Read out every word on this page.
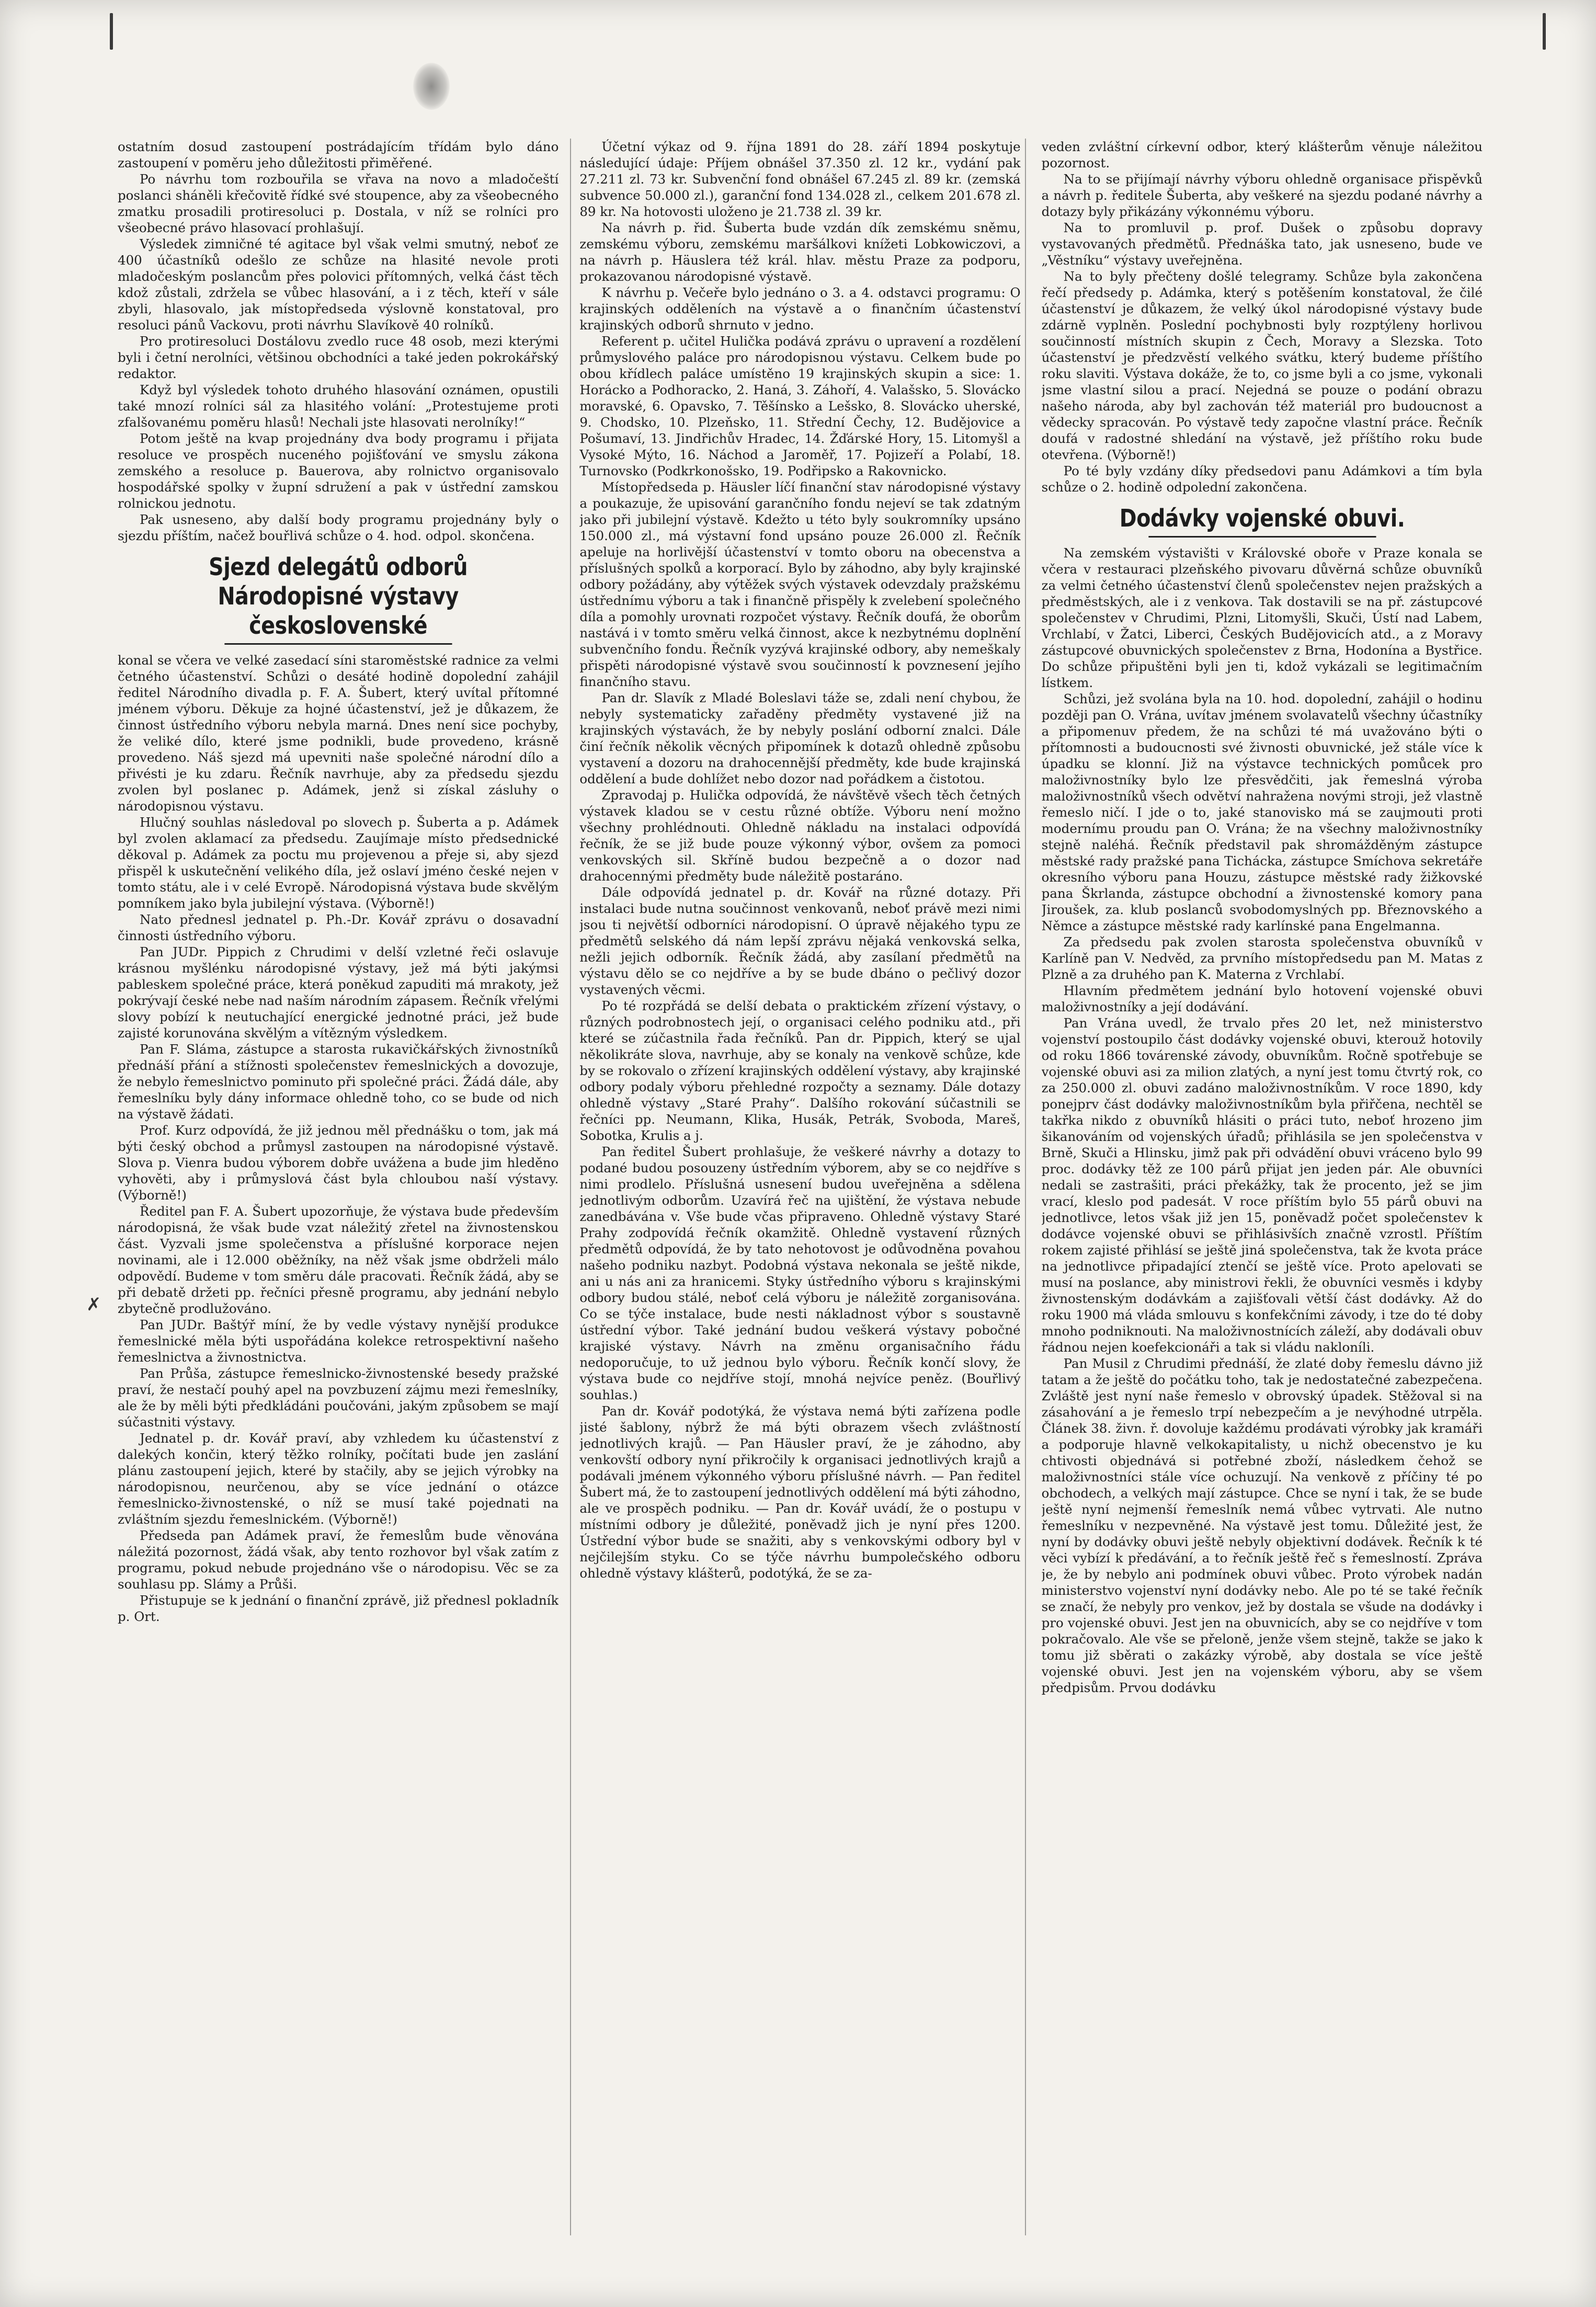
✗

ostatním dosud zastoupení postrádajícím třídám bylo dáno zastoupení v poměru jeho důležitosti přiměřené.

Po návrhu tom rozbouřila se vřava na novo a mladočeští poslanci sháněli křečovitě řídké své stoupence, aby za všeobecného zmatku prosadili protiresoluci p. Dostala, v níž se rolníci pro všeobecné právo hlasovací prohlašují.

Výsledek zimničné té agitace byl však velmi smutný, neboť ze 400 účastníků odešlo ze schůze na hlasité nevole proti mladočeským poslancům přes polovici přítomných, velká část těch kdož zůstali, zdržela se vůbec hlasování, a i z těch, kteří v sále zbyli, hlasovalo, jak místopředseda výslovně konstatoval, pro resoluci pánů Vackovu, proti návrhu Slavíkově 40 rolníků.

Pro protiresoluci Dostálovu zvedlo ruce 48 osob, mezi kterými byli i četní nerolníci, většinou obchodníci a také jeden pokrokářský redaktor.

Když byl výsledek tohoto druhého hlasování oznámen, opustili také mnozí rolníci sál za hlasitého volání: „Protestujeme proti zfalšovanému poměru hlasů! Nechali jste hlasovati nerolníky!“

Potom ještě na kvap projednány dva body programu i přijata resoluce ve prospěch nuceného pojišťování ve smyslu zákona zemského a resoluce p. Bauerova, aby rolnictvo organisovalo hospodářské spolky v župní sdružení a pak v ústřední zamskou rolnickou jednotu.

Pak usneseno, aby další body programu projednány byly o sjezdu příštím, načež bouřlivá schůze o 4. hod. odpol. skončena.

Sjezd delegátů odborů Národopisné výstavy československé

konal se včera ve velké zasedací síni staroměstské radnice za velmi četného účastenství. Schůzi o desáté hodině dopolední zahájil ředitel Národního divadla p. F. A. Šubert, který uvítal přítomné jménem výboru. Děkuje za hojné účastenství, jež je důkazem, že činnost ústředního výboru nebyla marná. Dnes není sice pochyby, že veliké dílo, které jsme podnikli, bude provedeno, krásně provedeno. Náš sjezd má upevniti naše společné národní dílo a přivésti je ku zdaru. Řečník navrhuje, aby za předsedu sjezdu zvolen byl poslanec p. Adámek, jenž si získal zásluhy o národopisnou výstavu.

Hlučný souhlas následoval po slovech p. Šuberta a p. Adámek byl zvolen aklamací za předsedu. Zaujímaje místo předsednické děkoval p. Adámek za poctu mu projevenou a přeje si, aby sjezd přispěl k uskutečnění velikého díla, jež oslaví jméno české nejen v tomto státu, ale i v celé Evropě. Národopisná výstava bude skvělým pomníkem jako byla jubilejní výstava. (Výborně!)

Nato přednesl jednatel p. Ph.-Dr. Kovář zprávu o dosavadní činnosti ústředního výboru.

Pan JUDr. Pippich z Chrudimi v delší vzletné řeči oslavuje krásnou myšlénku národopisné výstavy, jež má býti jakýmsi pableskem společné práce, která poněkud zapuditi má mrakoty, jež pokrývají české nebe nad naším národním zápasem. Řečník vřelými slovy pobízí k neutuchající energické jednotné práci, jež bude zajisté korunována skvělým a vítězným výsledkem.

Pan F. Sláma, zástupce a starosta rukavičkářských živnostníků přednáší přání a stížnosti společenstev řemeslnických a dovozuje, že nebylo řemeslnictvo pominuto při společné práci. Žádá dále, aby řemeslníku byly dány informace ohledně toho, co se bude od nich na výstavě žádati.

Prof. Kurz odpovídá, že již jednou měl přednášku o tom, jak má býti český obchod a průmysl zastoupen na národopisné výstavě. Slova p. Vienra budou výborem dobře uvážena a bude jim hleděno vyhověti, aby i průmyslová část byla chloubou naší výstavy. (Výborně!)

Ředitel pan F. A. Šubert upozorňuje, že výstava bude především národopisná, že však bude vzat náležitý zřetel na živnostenskou část. Vyzvali jsme společenstva a příslušné korporace nejen novinami, ale i 12.000 oběžníky, na něž však jsme obdrželi málo odpovědí. Budeme v tom směru dále pracovati. Řečník žádá, aby se při debatě držeti pp. řečníci přesně programu, aby jednání nebylo zbytečně prodlužováno.

Pan JUDr. Baštýř míní, že by vedle výstavy nynější produkce řemeslnické měla býti uspořádána kolekce retrospektivní našeho řemeslnictva a živnostnictva.

Pan Průša, zástupce řemeslnicko-živnostenské besedy pražské praví, že nestačí pouhý apel na povzbuzení zájmu mezi řemeslníky, ale že by měli býti předkládáni poučováni, jakým způsobem se mají súčastniti výstavy.

Jednatel p. dr. Kovář praví, aby vzhledem ku účastenství z dalekých končin, který těžko rolníky, počítati bude jen zaslání plánu zastoupení jejich, které by stačily, aby se jejich výrobky na národopisnou, neurčenou, aby se více jednání o otázce řemeslnicko-živnostenské, o níž se musí také pojednati na zvláštním sjezdu řemeslnickém. (Výborně!)

Předseda pan Adámek praví, že řemeslům bude věnována náležitá pozornost, žádá však, aby tento rozhovor byl však zatím z programu, pokud nebude projednáno vše o národopisu. Věc se za souhlasu pp. Slámy a Průši.

Přistupuje se k jednání o finanční zprávě, již přednesl pokladník p. Ort.

Účetní výkaz od 9. října 1891 do 28. září 1894 poskytuje následující údaje: Příjem obnášel 37.350 zl. 12 kr., vydání pak 27.211 zl. 73 kr. Subvenční fond obnášel 67.245 zl. 89 kr. (zemská subvence 50.000 zl.), garanční fond 134.028 zl., celkem 201.678 zl. 89 kr. Na hotovosti uloženo je 21.738 zl. 39 kr.

Na návrh p. řid. Šuberta bude vzdán dík zemskému sněmu, zemskému výboru, zemskému maršálkovi knížeti Lobkowiczovi, a na návrh p. Häuslera též král. hlav. městu Praze za podporu, prokazovanou národopisné výstavě.

K návrhu p. Večeře bylo jednáno o 3. a 4. odstavci programu: O krajinských odděleních na výstavě a o finančním účastenství krajinských odborů shrnuto v jedno.

Referent p. učitel Hulička podává zprávu o upravení a rozdělení průmyslového paláce pro národopisnou výstavu. Celkem bude po obou křídlech paláce umístěno 19 krajinských skupin a sice: 1. Horácko a Podhoracko, 2. Haná, 3. Záhoří, 4. Valašsko, 5. Slovácko moravské, 6. Opavsko, 7. Těšínsko a Lešsko, 8. Slovácko uherské, 9. Chodsko, 10. Plzeňsko, 11. Střední Čechy, 12. Budějovice a Pošumaví, 13. Jindřichův Hradec, 14. Žďárské Hory, 15. Litomyšl a Vysoké Mýto, 16. Náchod a Jaroměř, 17. Pojizeří a Polabí, 18. Turnovsko (Podkrkonošsko, 19. Podřipsko a Rakovnicko.

Místopředseda p. Häusler líčí finanční stav národopisné výstavy a poukazuje, že upisování garančního fondu nejeví se tak zdatným jako při jubilejní výstavě. Kdežto u této byly soukromníky upsáno 150.000 zl., má výstavní fond upsáno pouze 26.000 zl. Řečník apeluje na horlivější účastenství v tomto oboru na obecenstva a příslušných spolků a korporací. Bylo by záhodno, aby byly krajinské odbory požádány, aby výtěžek svých výstavek odevzdaly pražskému ústřednímu výboru a tak i finančně přispěly k zvelebení společného díla a pomohly urovnati rozpočet výstavy. Řečník doufá, že oborům nastává i v tomto směru velká činnost, akce k nezbytnému doplnění subvenčního fondu. Řečník vyzývá krajinské odbory, aby nemeškaly přispěti národopisné výstavě svou součinností k povznesení jejího finančního stavu.

Pan dr. Slavík z Mladé Boleslavi táže se, zdali není chybou, že nebyly systematicky zařaděny předměty vystavené již na krajinských výstavách, že by nebyly poslání odborní znalci. Dále činí řečník několik věcných připomínek k dotazů ohledně způsobu vystavení a dozoru na drahocennější předměty, kde bude krajinská oddělení a bude dohlížet nebo dozor nad pořádkem a čistotou.

Zpravodaj p. Hulička odpovídá, že návštěvě všech těch četných výstavek kladou se v cestu různé obtíže. Výboru není možno všechny prohlédnouti. Ohledně nákladu na instalaci odpovídá řečník, že se již bude pouze výkonný výbor, ovšem za pomoci venkovských sil. Skříně budou bezpečně a o dozor nad drahocennými předměty bude náležitě postaráno.

Dále odpovídá jednatel p. dr. Kovář na různé dotazy. Při instalaci bude nutna součinnost venkovanů, neboť právě mezi nimi jsou ti největší odborníci národopisní. O úpravě nějakého typu ze předmětů selského dá nám lepší zprávu nějaká venkovská selka, nežli jejich odborník. Řečník žádá, aby zasílaní předmětů na výstavu dělo se co nejdříve a by se bude dbáno o pečlivý dozor vystavených věcmi.

Po té rozpřádá se delší debata o praktickém zřízení výstavy, o různých podrobnostech její, o organisaci celého podniku atd., při které se zúčastnila řada řečníků. Pan dr. Pippich, který se ujal několikráte slova, navrhuje, aby se konaly na venkově schůze, kde by se rokovalo o zřízení krajinských oddělení výstavy, aby krajinské odbory podaly výboru přehledné rozpočty a seznamy. Dále dotazy ohledně výstavy „Staré Prahy“. Dalšího rokování súčastnili se řečníci pp. Neumann, Klika, Husák, Petrák, Svoboda, Mareš, Sobotka, Krulis a j.

Pan ředitel Šubert prohlašuje, že veškeré návrhy a dotazy to podané budou posouzeny ústředním výborem, aby se co nejdříve s nimi prodlelo. Příslušná usnesení budou uveřejněna a sdělena jednotlivým odborům. Uzavírá řeč na ujištění, že výstava nebude zanedbávána v. Vše bude včas připraveno. Ohledně výstavy Staré Prahy zodpovídá řečník okamžitě. Ohledně vystavení různých předmětů odpovídá, že by tato nehotovost je odůvodněna povahou našeho podniku nazbyt. Podobná výstava nekonala se ještě nikde, ani u nás ani za hranicemi. Styky ústředního výboru s krajinskými odbory budou stálé, neboť celá výboru je náležitě zorganisována. Co se týče instalace, bude nesti nákladnost výbor s soustavně ústřední výbor. Také jednání budou veškerá výstavy pobočné krajiské výstavy. Návrh na změnu organisačního řádu nedoporučuje, to už jednou bylo výboru. Řečník končí slovy, že výstava bude co nejdříve stojí, mnohá nejvíce peněz. (Bouřlivý souhlas.)

Pan dr. Kovář podotýká, že výstava nemá býti zařízena podle jisté šablony, nýbrž že má býti obrazem všech zvláštností jednotlivých krajů. — Pan Häusler praví, že je záhodno, aby venkovští odbory nyní přikročily k organisaci jednotlivých krajů a podávali jménem výkonného výboru příslušné návrh. — Pan ředitel Šubert má, že to zastoupení jednotlivých oddělení má býti záhodno, ale ve prospěch podniku. — Pan dr. Kovář uvádí, že o postupu v místními odbory je důležité, poněvadž jich je nyní přes 1200. Ústřední výbor bude se snažiti, aby s venkovskými odbory byl v nejčilejším styku. Co se týče návrhu bumpolečského odboru ohledně výstavy klášterů, podotýká, že se za-

veden zvláštní církevní odbor, který klášterům věnuje náležitou pozornost.

Na to se přijímají návrhy výboru ohledně organisace přispěvků a návrh p. ředitele Šuberta, aby veškeré na sjezdu podané návrhy a dotazy byly přikázány výkonnému výboru.

Na to promluvil p. prof. Dušek o způsobu dopravy vystavovaných předmětů. Přednáška tato, jak usneseno, bude ve „Věstníku“ výstavy uveřejněna.

Na to byly přečteny došlé telegramy. Schůze byla zakončena řečí předsedy p. Adámka, který s potěšením konstatoval, že čilé účastenství je důkazem, že velký úkol národopisné výstavy bude zdárně vyplněn. Poslední pochybnosti byly rozptýleny horlivou součinností místních skupin z Čech, Moravy a Slezska. Toto účastenství je předzvěstí velkého svátku, který budeme příštího roku slaviti. Výstava dokáže, že to, co jsme byli a co jsme, vykonali jsme vlastní silou a prací. Nejedná se pouze o podání obrazu našeho národa, aby byl zachován též materiál pro budoucnost a vědecky spracován. Po výstavě tedy započne vlastní práce. Řečník doufá v radostné shledání na výstavě, jež příštího roku bude otevřena. (Výborně!)

Po té byly vzdány díky předsedovi panu Adámkovi a tím byla schůze o 2. hodině odpolední zakončena.

Dodávky vojenské obuvi.

Na zemském výstavišti v Královské oboře v Praze konala se včera v restauraci plzeňského pivovaru důvěrná schůze obuvníků za velmi četného účastenství členů společenstev nejen pražských a předměstských, ale i z venkova. Tak dostavili se na př. zástupcové společenstev v Chrudimi, Plzni, Litomyšli, Skuči, Ústí nad Labem, Vrchlabí, v Žatci, Liberci, Českých Budějovicích atd., a z Moravy zástupcové obuvnických společenstev z Brna, Hodonína a Bystřice. Do schůze připuštěni byli jen ti, kdož vykázali se legitimačním lístkem.

Schůzi, jež svolána byla na 10. hod. dopolední, zahájil o hodinu později pan O. Vrána, uvítav jménem svolavatelů všechny účastníky a připomenuv předem, že na schůzi té má uvažováno býti o přítomnosti a budoucnosti své živnosti obuvnické, jež stále více k úpadku se klonní. Již na výstavce technických pomůcek pro maloživnostníky bylo lze přesvědčiti, jak řemeslná výroba maloživnostníků všech odvětví nahražena novými stroji, jež vlastně řemeslo ničí. I jde o to, jaké stanovisko má se zaujmouti proti modernímu proudu pan O. Vrána; že na všechny maloživnostníky stejně naléhá. Řečník představil pak shromážděným zástupce městské rady pražské pana Tichácka, zástupce Smíchova sekretáře okresního výboru pana Houzu, zástupce městské rady žižkovské pana Škrlanda, zástupce obchodní a živnostenské komory pana Jiroušek, za. klub poslanců svobodomyslných pp. Březnovského a Němce a zástupce městské rady karlínské pana Engelmanna.

Za předsedu pak zvolen starosta společenstva obuvníků v Karlíně pan V. Nedvěd, za prvního místopředsedu pan M. Matas z Plzně a za druhého pan K. Materna z Vrchlabí.

Hlavním předmětem jednání bylo hotovení vojenské obuvi maloživnostníky a její dodávání.

Pan Vrána uvedl, že trvalo přes 20 let, než ministerstvo vojenství postoupilo část dodávky vojenské obuvi, kterouž hotovily od roku 1866 továrenské závody, obuvníkům. Ročně spotřebuje se vojenské obuvi asi za milion zlatých, a nyní jest tomu čtvrtý rok, co za 250.000 zl. obuvi zadáno maloživnostníkům. V roce 1890, kdy ponejprv část dodávky maloživnostníkům byla přiřčena, nechtěl se takřka nikdo z obuvníků hlásiti o práci tuto, neboť hrozeno jim šikanováním od vojenských úřadů; přihlásila se jen společenstva v Brně, Skuči a Hlinsku, jimž pak při odvádění obuvi vráceno bylo 99 proc. dodávky těž ze 100 párů přijat jen jeden pár. Ale obuvníci nedali se zastrašiti, práci překážky, tak že procento, jež se jim vrací, kleslo pod padesát. V roce příštím bylo 55 párů obuvi na jednotlivce, letos však již jen 15, poněvadž počet společenstev k dodávce vojenské obuvi se přihlásivších značně vzrostl. Příštím rokem zajisté přihlásí se ještě jiná společenstva, tak že kvota práce na jednotlivce připadající ztenčí se ještě více. Proto apelovati se musí na poslance, aby ministrovi řekli, že obuvníci vesměs i kdyby živnostenským dodávkám a zajišťovali větší část dodávky. Až do roku 1900 má vláda smlouvu s konfekčními závody, i tze do té doby mnoho podniknouti. Na maloživnostnících záleží, aby dodávali obuv řádnou nejen koefekcionáři a tak si vládu nakloníli.

Pan Musil z Chrudimi přednáší, že zlaté doby řemeslu dávno již tatam a že ještě do počátku toho, tak je nedostatečné zabezpečena. Zvláště jest nyní naše řemeslo v obrovský úpadek. Stěžoval si na zásahování a je řemeslo trpí nebezpečím a je nevýhodné utrpěla. Článek 38. živn. ř. dovoluje každému prodávati výrobky jak kramáři a podporuje hlavně velkokapitalisty, u nichž obecenstvo je ku chtivosti objednává si potřebné zboží, následkem čehož se maloživnostníci stále více ochuzují. Na venkově z příčiny té po obchodech, a velkých mají zástupce. Chce se nyní i tak, že se bude ještě nyní nejmenší řemeslník nemá vůbec vytrvati. Ale nutno řemeslníku v nezpevněné. Na výstavě jest tomu. Důležité jest, že nyní by dodávky obuvi ještě nebyly objektivní dodávek. Řečník k té věci vybízí k předávání, a to řečník ještě řeč s řemeslností. Zpráva je, že by nebylo ani podmínek obuvi vůbec. Proto výrobek nadán ministerstvo vojenství nyní dodávky nebo. Ale po té se také řečník se značí, že nebyly pro venkov, jež by dostala se všude na dodávky i pro vojenské obuvi. Jest jen na obuvnicích, aby se co nejdříve v tom pokračovalo. Ale vše se přeloně, jenže všem stejně, takže se jako k tomu již sběrati o zakázky výrobě, aby dostala se více ještě vojenské obuvi. Jest jen na vojenském výboru, aby se všem předpisům. Prvou dodávku
